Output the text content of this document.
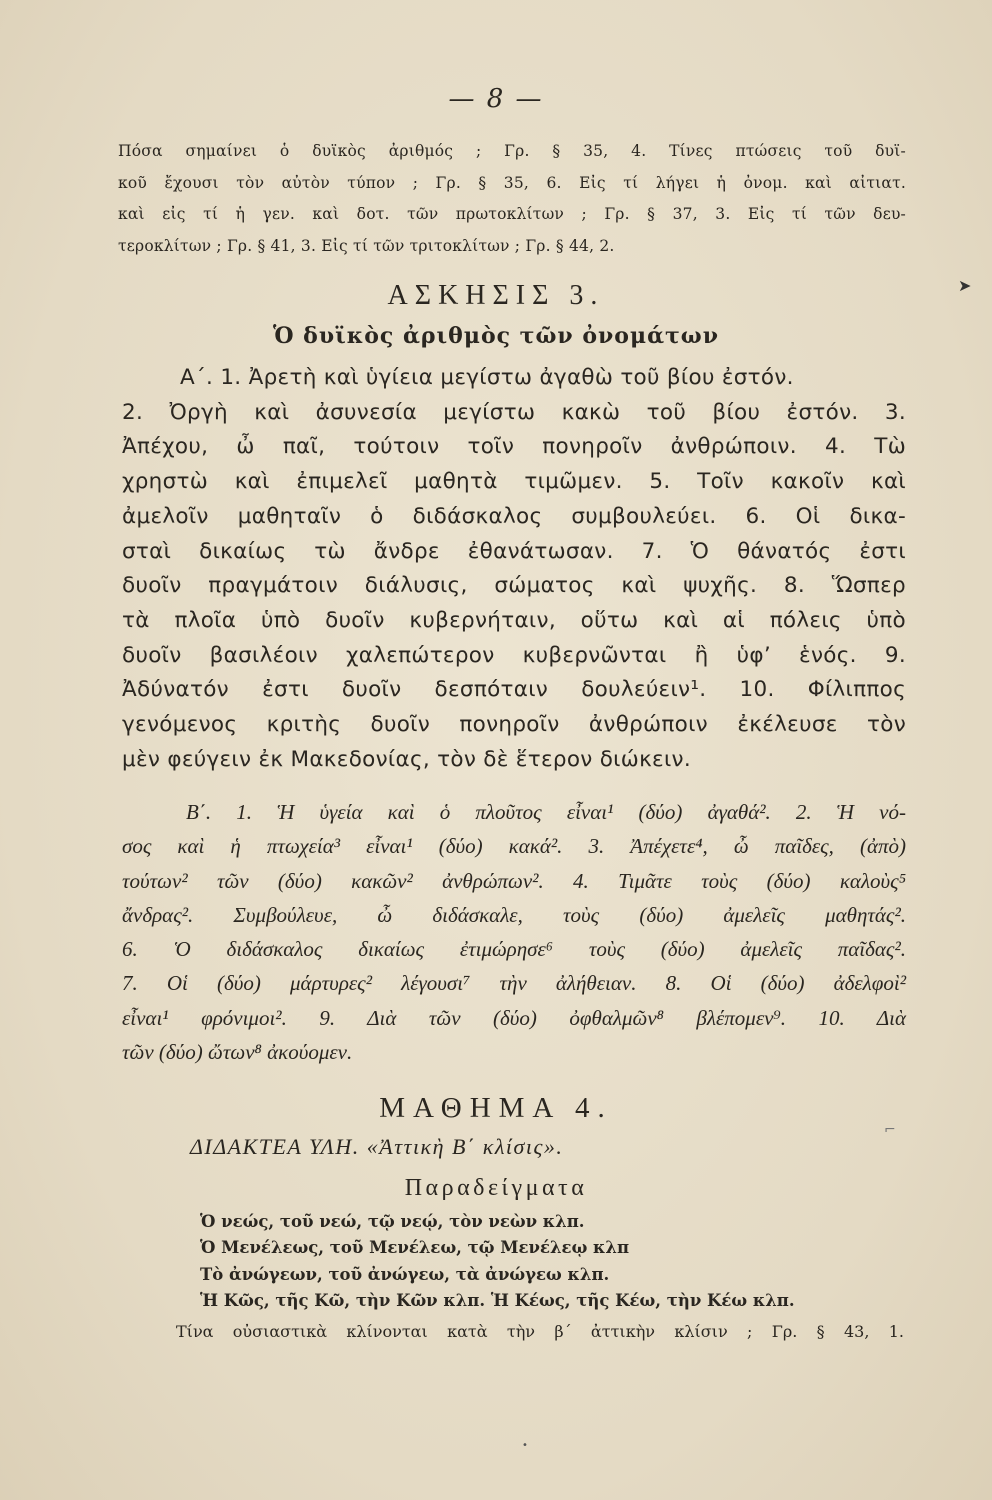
— 8 —
Πόσα σημαίνει ὁ δυϊκὸς ἀριθμός ; Γρ. § 35, 4. Τίνες πτώσεις τοῦ δυϊ-
κοῦ ἔχουσι τὸν αὐτὸν τύπον ; Γρ. § 35, 6. Εἰς τί λήγει ἡ ὀνομ. καὶ αἰτιατ.
καὶ εἰς τί ἡ γεν. καὶ δοτ. τῶν πρωτοκλίτων ; Γρ. § 37, 3. Εἰς τί τῶν δευ-
τεροκλίτων ; Γρ. § 41, 3. Εἰς τί τῶν τριτοκλίτων ; Γρ. § 44, 2.
ΑΣΚΗΣΙΣ 3.
Ὁ δυϊκὸς ἀριθμὸς τῶν ὀνομάτων
Α΄. 1. Ἀρετὴ καὶ ὑγίεια μεγίστω ἀγαθὼ τοῦ βίου ἐστόν.
2. Ὀργὴ καὶ ἀσυνεσία μεγίστω κακὼ τοῦ βίου ἐστόν. 3.
Ἀπέχου, ὦ παῖ, τούτοιν τοῖν πονηροῖν ἀνθρώποιν. 4. Τὼ
χρηστὼ καὶ ἐπιμελεῖ μαθητὰ τιμῶμεν. 5. Τοῖν κακοῖν καὶ
ἀμελοῖν μαθηταῖν ὁ διδάσκαλος συμβουλεύει. 6. Οἱ δικα-
σταὶ δικαίως τὼ ἄνδρε ἐθανάτωσαν. 7. Ὁ θάνατός ἐστι
δυοῖν πραγμάτοιν διάλυσις, σώματος καὶ ψυχῆς. 8. Ὥσπερ
τὰ πλοῖα ὑπὸ δυοῖν κυβερνήταιν, οὕτω καὶ αἱ πόλεις ὑπὸ
δυοῖν βασιλέοιν χαλεπώτερον κυβερνῶνται ἢ ὑφ’ ἑνός. 9.
Ἀδύνατόν ἐστι δυοῖν δεσπόταιν δουλεύειν¹. 10. Φίλιππος
γενόμενος κριτὴς δυοῖν πονηροῖν ἀνθρώποιν ἐκέλευσε τὸν
μὲν φεύγειν ἐκ Μακεδονίας, τὸν δὲ ἕτερον διώκειν.
Β΄. 1. Ἡ ὑγεία καὶ ὁ πλοῦτος εἶναι¹ (δύο) ἀγαθά². 2. Ἡ νό-
σος καὶ ἡ πτωχεία³ εἶναι¹ (δύο) κακά². 3. Ἀπέχετε⁴, ὦ παῖδες, (ἀπὸ)
τούτων² τῶν (δύο) κακῶν² ἀνθρώπων². 4. Τιμᾶτε τοὺς (δύο) καλοὺς⁵
ἄνδρας². Συμβούλευε, ὦ διδάσκαλε, τοὺς (δύο) ἀμελεῖς μαθητάς².
6. Ὁ διδάσκαλος δικαίως ἐτιμώρησε⁶ τοὺς (δύο) ἀμελεῖς παῖδας².
7. Οἱ (δύο) μάρτυρες² λέγουσι⁷ τὴν ἀλήθειαν. 8. Οἱ (δύο) ἀδελφοὶ²
εἶναι¹ φρόνιμοι². 9. Διὰ τῶν (δύο) ὀφθαλμῶν⁸ βλέπομεν⁹. 10. Διὰ
τῶν (δύο) ὤτων⁸ ἀκούομεν.
ΜΑΘΗΜΑ 4.
ΔΙΔΑΚΤΕΑ ΥΛΗ. «Ἀττικὴ Β΄ κλίσις».
Παραδείγματα
Ὁ νεώς, τοῦ νεώ, τῷ νεῴ, τὸν νεὼν κλπ.
Ὁ Μενέλεως, τοῦ Μενέλεω, τῷ Μενέλεῳ κλπ
Τὸ ἀνώγεων, τοῦ ἀνώγεω, τὰ ἀνώγεω κλπ.
Ἡ Κῶς, τῆς Κῶ, τὴν Κῶν κλπ. Ἡ Κέως, τῆς Κέω, τὴν Κέω κλπ.
Τίνα οὐσιαστικὰ κλίνονται κατὰ τὴν β΄ ἀττικὴν κλίσιν ; Γρ. § 43, 1.
➤
⌐
•
